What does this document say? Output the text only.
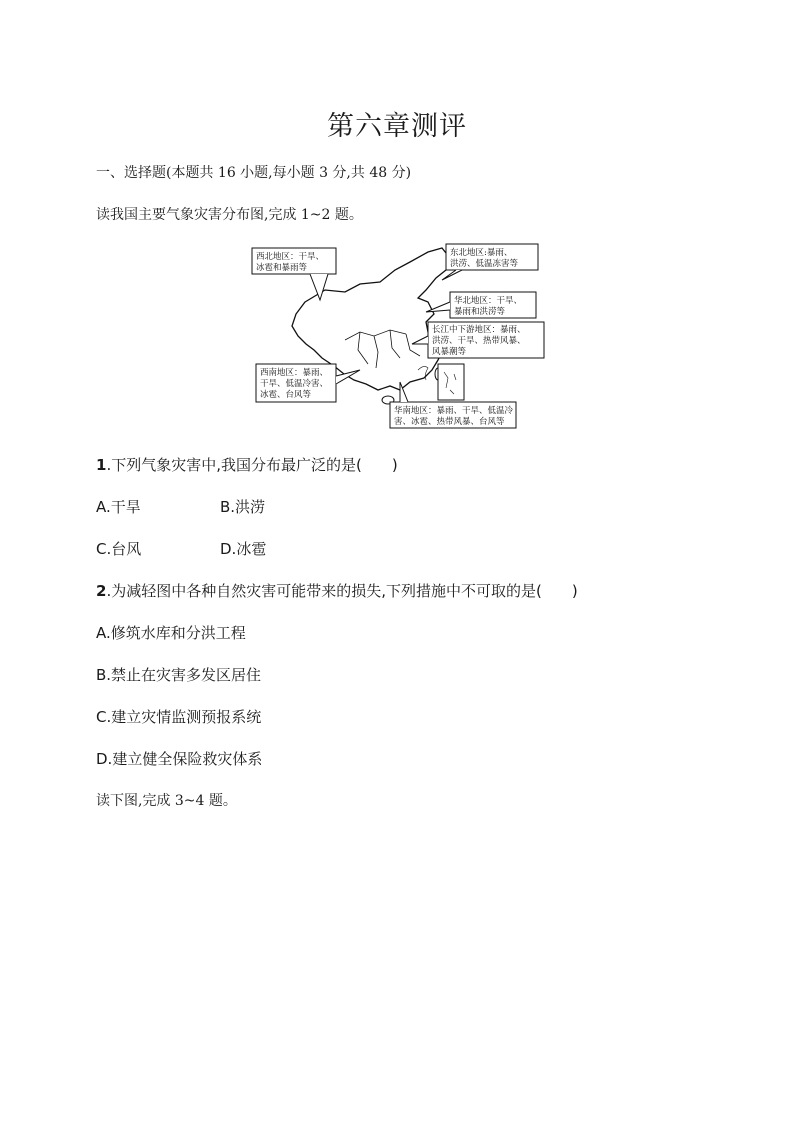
第六章测评
一、选择题(本题共 16 小题,每小题 3 分,共 48 分)
读我国主要气象灾害分布图,完成 1~2 题。
西北地区：干旱、
冰雹和暴雨等
东北地区:暴雨、
洪涝、低温冻害等
华北地区：干旱、
暴雨和洪涝等
长江中下游地区：暴雨、
洪涝、干旱、热带风暴、
风暴潮等
西南地区：暴雨、
干旱、低温冷害、
冰雹、台风等
华南地区：暴雨、干旱、低温冷
害、冰雹、热带风暴、台风等
1.下列气象灾害中,我国分布最广泛的是(　　)
A.干旱	B.洪涝
C.台风	D.冰雹
2.为减轻图中各种自然灾害可能带来的损失,下列措施中不可取的是(　　)
A.修筑水库和分洪工程
B.禁止在灾害多发区居住
C.建立灾情监测预报系统
D.建立健全保险救灾体系
读下图,完成 3~4 题。
